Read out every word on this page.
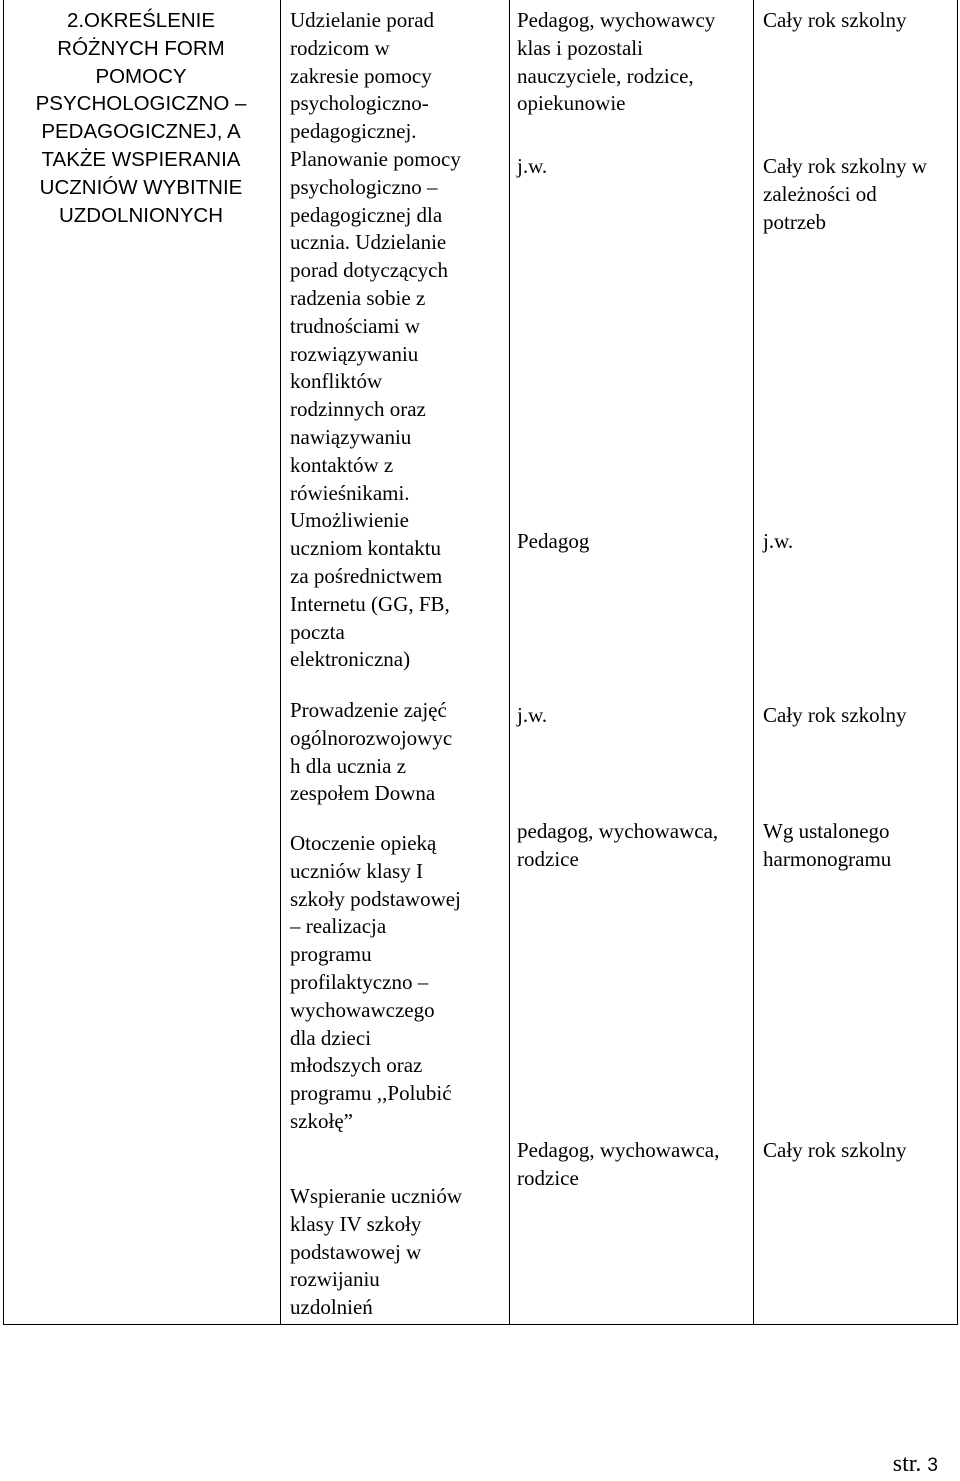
2.OKREŚLENIE
RÓŻNYCH FORM
POMOCY
PSYCHOLOGICZNO –
PEDAGOGICZNEJ, A
TAKŻE WSPIERANIA
UCZNIÓW WYBITNIE
UZDOLNIONYCH
Udzielanie porad
rodzicom w
zakresie pomocy
psychologiczno-
pedagogicznej.
Planowanie pomocy
psychologiczno –
pedagogicznej dla
ucznia. Udzielanie
porad dotyczących
radzenia sobie z
trudnościami w
rozwiązywaniu
konfliktów
rodzinnych oraz
nawiązywaniu
kontaktów z
rówieśnikami.
Umożliwienie
uczniom kontaktu
za pośrednictwem
Internetu (GG, FB,
poczta
elektroniczna)
Prowadzenie zajęć
ogólnorozwojowyc
h dla ucznia z
zespołem Downa
Otoczenie opieką
uczniów klasy I
szkoły podstawowej
– realizacja
programu
profilaktyczno –
wychowawczego
dla dzieci
młodszych oraz
programu ,,Polubić
szkołę”
Wspieranie uczniów
klasy IV szkoły
podstawowej w
rozwijaniu
uzdolnień
Pedagog, wychowawcy
klas i pozostali
nauczyciele, rodzice,
opiekunowie
j.w.
Pedagog
j.w.
pedagog, wychowawca,
rodzice
Pedagog, wychowawca,
rodzice
Cały rok szkolny
Cały rok szkolny w
zależności od
potrzeb
j.w.
Cały rok szkolny
Wg ustalonego
harmonogramu
Cały rok szkolny
str. 3
